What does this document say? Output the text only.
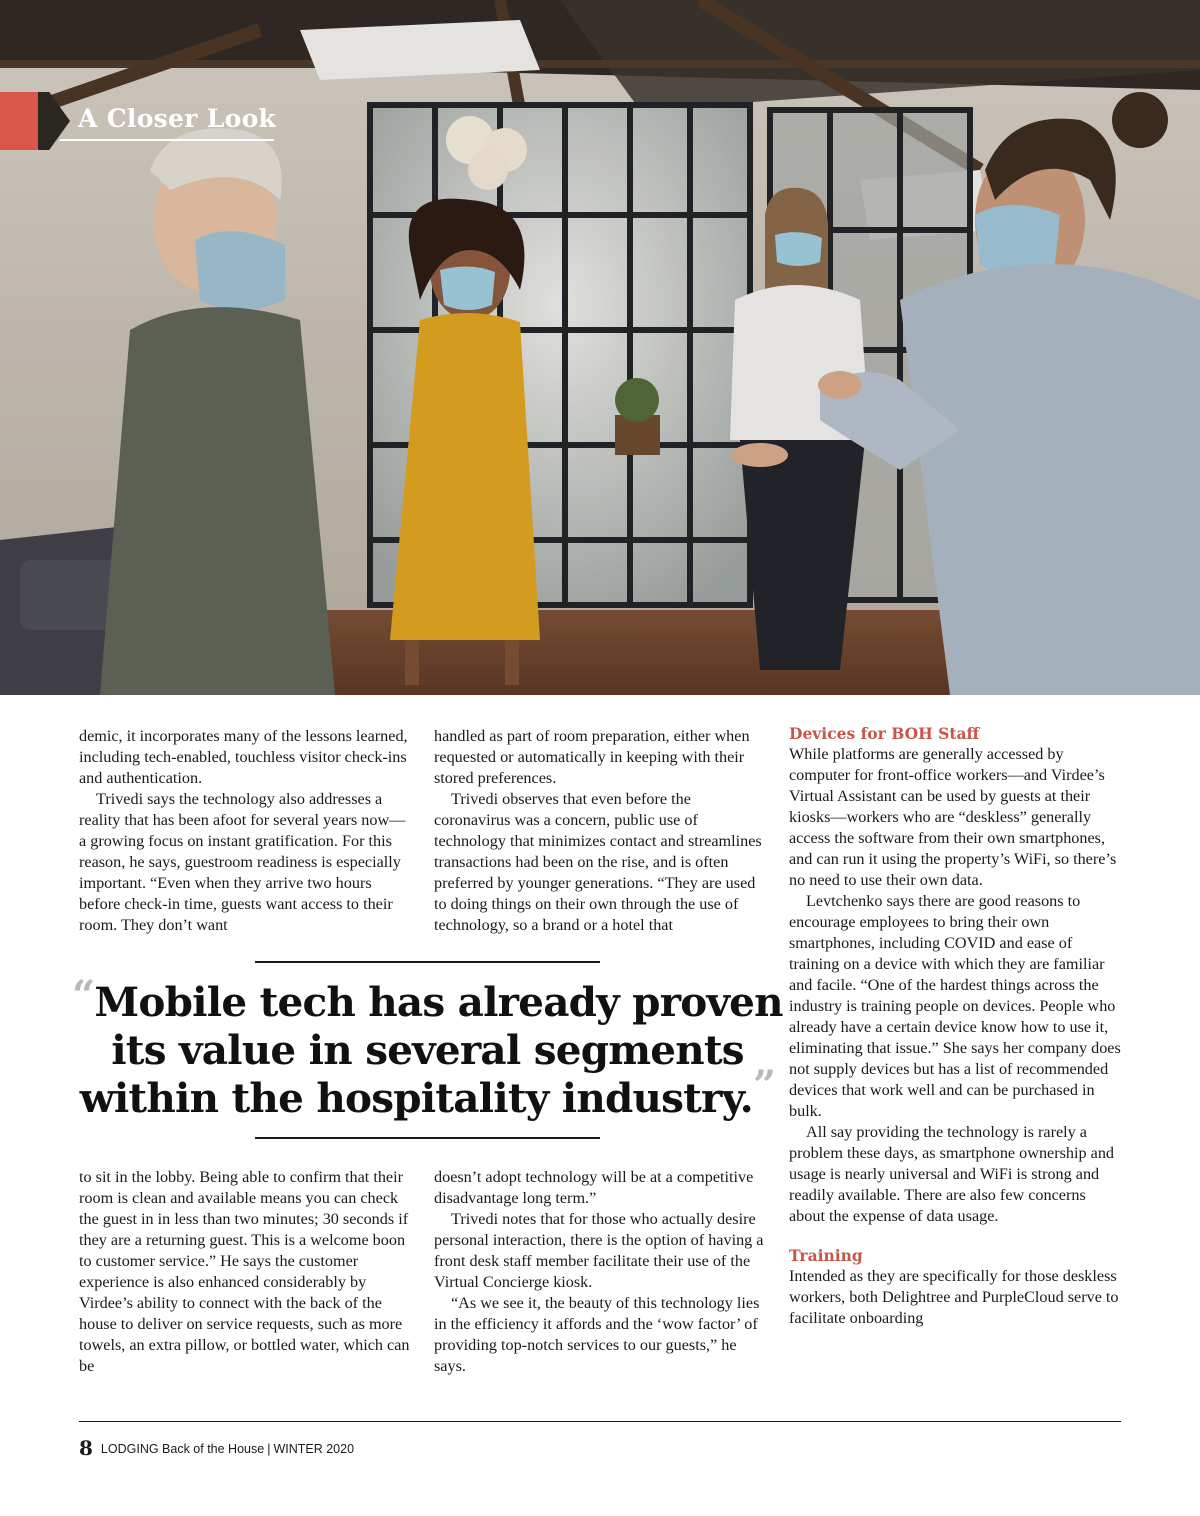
A Closer Look

demic, it incorporates many of the lessons learned, including tech-enabled, touchless visitor check-ins and authentication.

Trivedi says the technology also addresses a reality that has been afoot for several years now—a growing focus on instant gratification. For this reason, he says, guestroom readiness is especially important. “Even when they arrive two hours before check-in time, guests want access to their room. They don’t want

handled as part of room preparation, either when requested or automatically in keeping with their stored preferences.

Trivedi observes that even before the coronavirus was a concern, public use of technology that minimizes contact and streamlines transactions had been on the rise, and is often preferred by younger generations. “They are used to doing things on their own through the use of technology, so a brand or a hotel that

Devices for BOH Staff

While platforms are generally accessed by computer for front-office workers—and Virdee’s Virtual Assistant can be used by guests at their kiosks—workers who are “deskless” generally access the software from their own smartphones, and can run it using the property’s WiFi, so there’s no need to use their own data.

Levtchenko says there are good reasons to encourage employees to bring their own smartphones, including COVID and ease of training on a device with which they are familiar and facile. “One of the hardest things across the industry is training people on devices. People who already have a certain device know how to use it, eliminating that issue.” She says her company does not supply devices but has a list of recommended devices that work well and can be purchased in bulk.

All say providing the technology is rarely a problem these days, as smartphone ownership and usage is nearly universal and WiFi is strong and readily available. There are also few concerns about the expense of data usage.

Training

Intended as they are specifically for those deskless workers, both Delightree and PurpleCloud serve to facilitate onboarding

“Mobile tech has already proven its value in several segments within the hospitality industry.”

to sit in the lobby. Being able to confirm that their room is clean and available means you can check the guest in in less than two minutes; 30 seconds if they are a returning guest. This is a welcome boon to customer service.” He says the customer experience is also enhanced considerably by Virdee’s ability to connect with the back of the house to deliver on service requests, such as more towels, an extra pillow, or bottled water, which can be

doesn’t adopt technology will be at a competitive disadvantage long term.”

Trivedi notes that for those who actually desire personal interaction, there is the option of having a front desk staff member facilitate their use of the Virtual Concierge kiosk.

“As we see it, the beauty of this technology lies in the efficiency it affords and the ‘wow factor’ of providing top-notch services to our guests,” he says.

8 LODGING Back of the House | WINTER 2020
